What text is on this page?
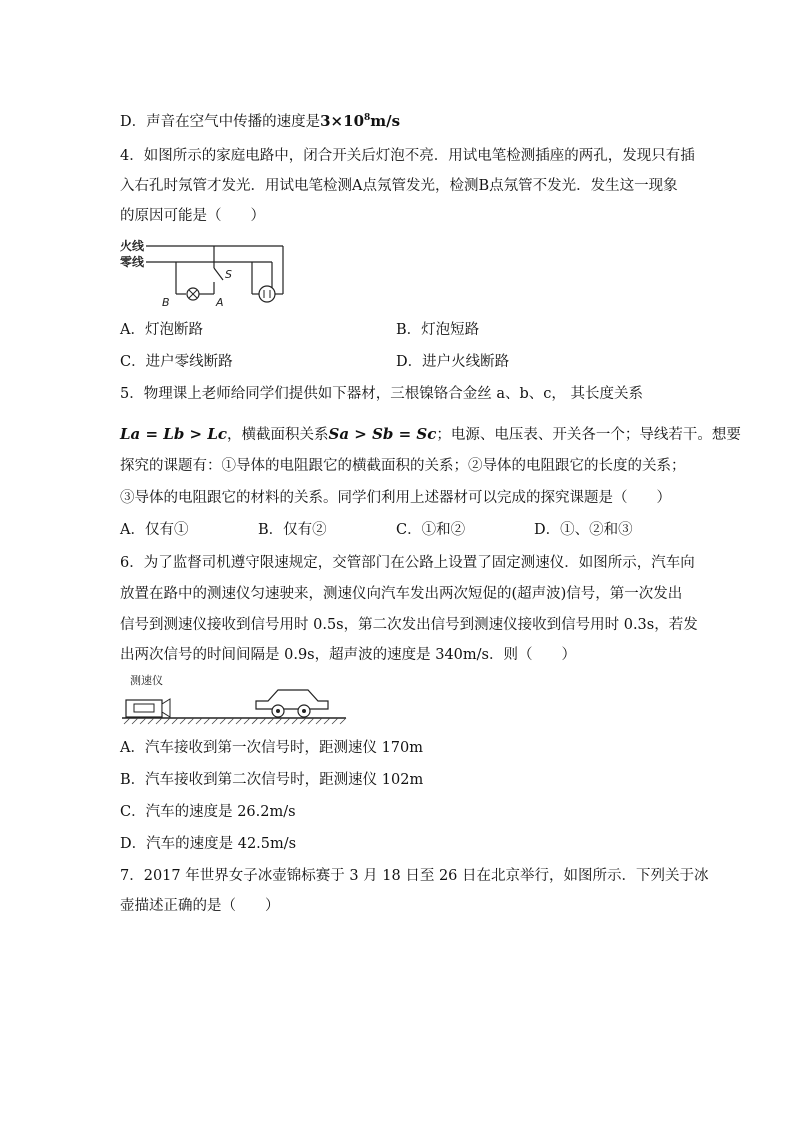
D．声音在空气中传播的速度是$3\times 10^8m/s$
4．如图所示的家庭电路中，闭合开关后灯泡不亮．用试电笔检测插座的两孔，发现只有插
入右孔时氖管才发光．用试电笔检测A点氖管发光，检测B点氖管不发光．发生这一现象
的原因可能是（　　）
火线
零线
S
B	A
A．灯泡断路	B．灯泡短路
C．进户零线断路	D．进户火线断路
5．物理课上老师给同学们提供如下器材，三根镍铬合金丝 a、b、c， 其长度关系
La = Lb > Lc，横截面积关系Sa > Sb = Sc；电源、电压表、开关各一个；导线若干。想要
探究的课题有：①导体的电阻跟它的横截面积的关系；②导体的电阻跟它的长度的关系；
③导体的电阻跟它的材料的关系。同学们利用上述器材可以完成的探究课题是（　　）
A．仅有①	B．仅有②	C．①和②	D．①、②和③
6．为了监督司机遵守限速规定，交管部门在公路上设置了固定测速仪．如图所示，汽车向
放置在路中的测速仪匀速驶来，测速仪向汽车发出两次短促的(超声波)信号，第一次发出
信号到测速仪接收到信号用时 0.5s，第二次发出信号到测速仪接收到信号用时 0.3s，若发
出两次信号的时间间隔是 0.9s，超声波的速度是 340m/s．则（　　）
测速仪
A．汽车接收到第一次信号时，距测速仪 170m
B．汽车接收到第二次信号时，距测速仪 102m
C．汽车的速度是 26.2m/s
D．汽车的速度是 42.5m/s
7．2017 年世界女子冰壶锦标赛于 3 月 18 日至 26 日在北京举行，如图所示．下列关于冰
壶描述正确的是（　　）
